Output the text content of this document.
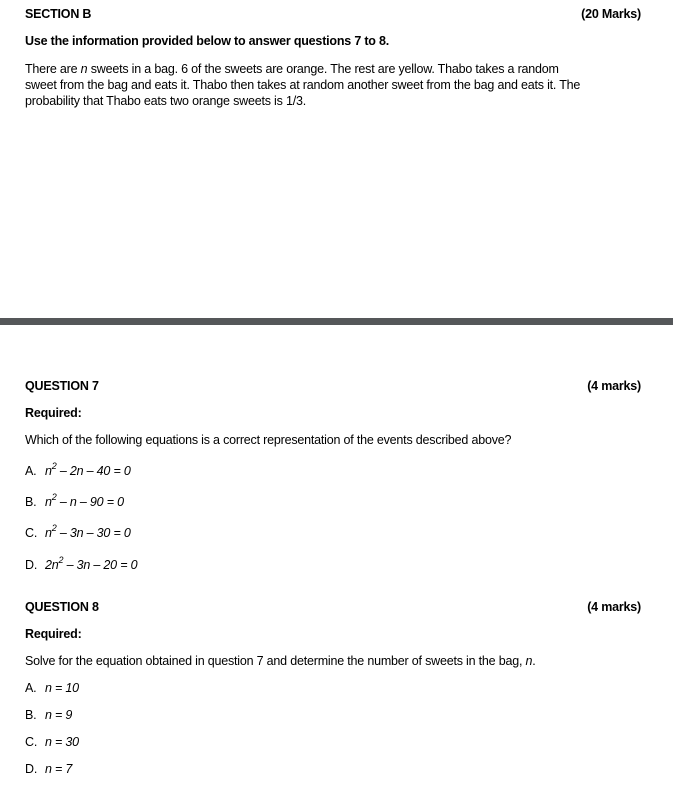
SECTION B	(20 Marks)
Use the information provided below to answer questions 7 to 8.
There are n sweets in a bag. 6 of the sweets are orange. The rest are yellow. Thabo takes a random sweet from the bag and eats it. Thabo then takes at random another sweet from the bag and eats it. The probability that Thabo eats two orange sweets is 1/3.
QUESTION 7	(4 marks)
Required:
Which of the following equations is a correct representation of the events described above?
A. $n^2 - 2n - 40 = 0$
B. $n^2 - n - 90 = 0$
C. $n^2 - 3n - 30 = 0$
D. $2n^2 - 3n - 20 = 0$
QUESTION 8	(4 marks)
Required:
Solve for the equation obtained in question 7 and determine the number of sweets in the bag, n.
A. n = 10
B. n = 9
C. n = 30
D. n = 7
